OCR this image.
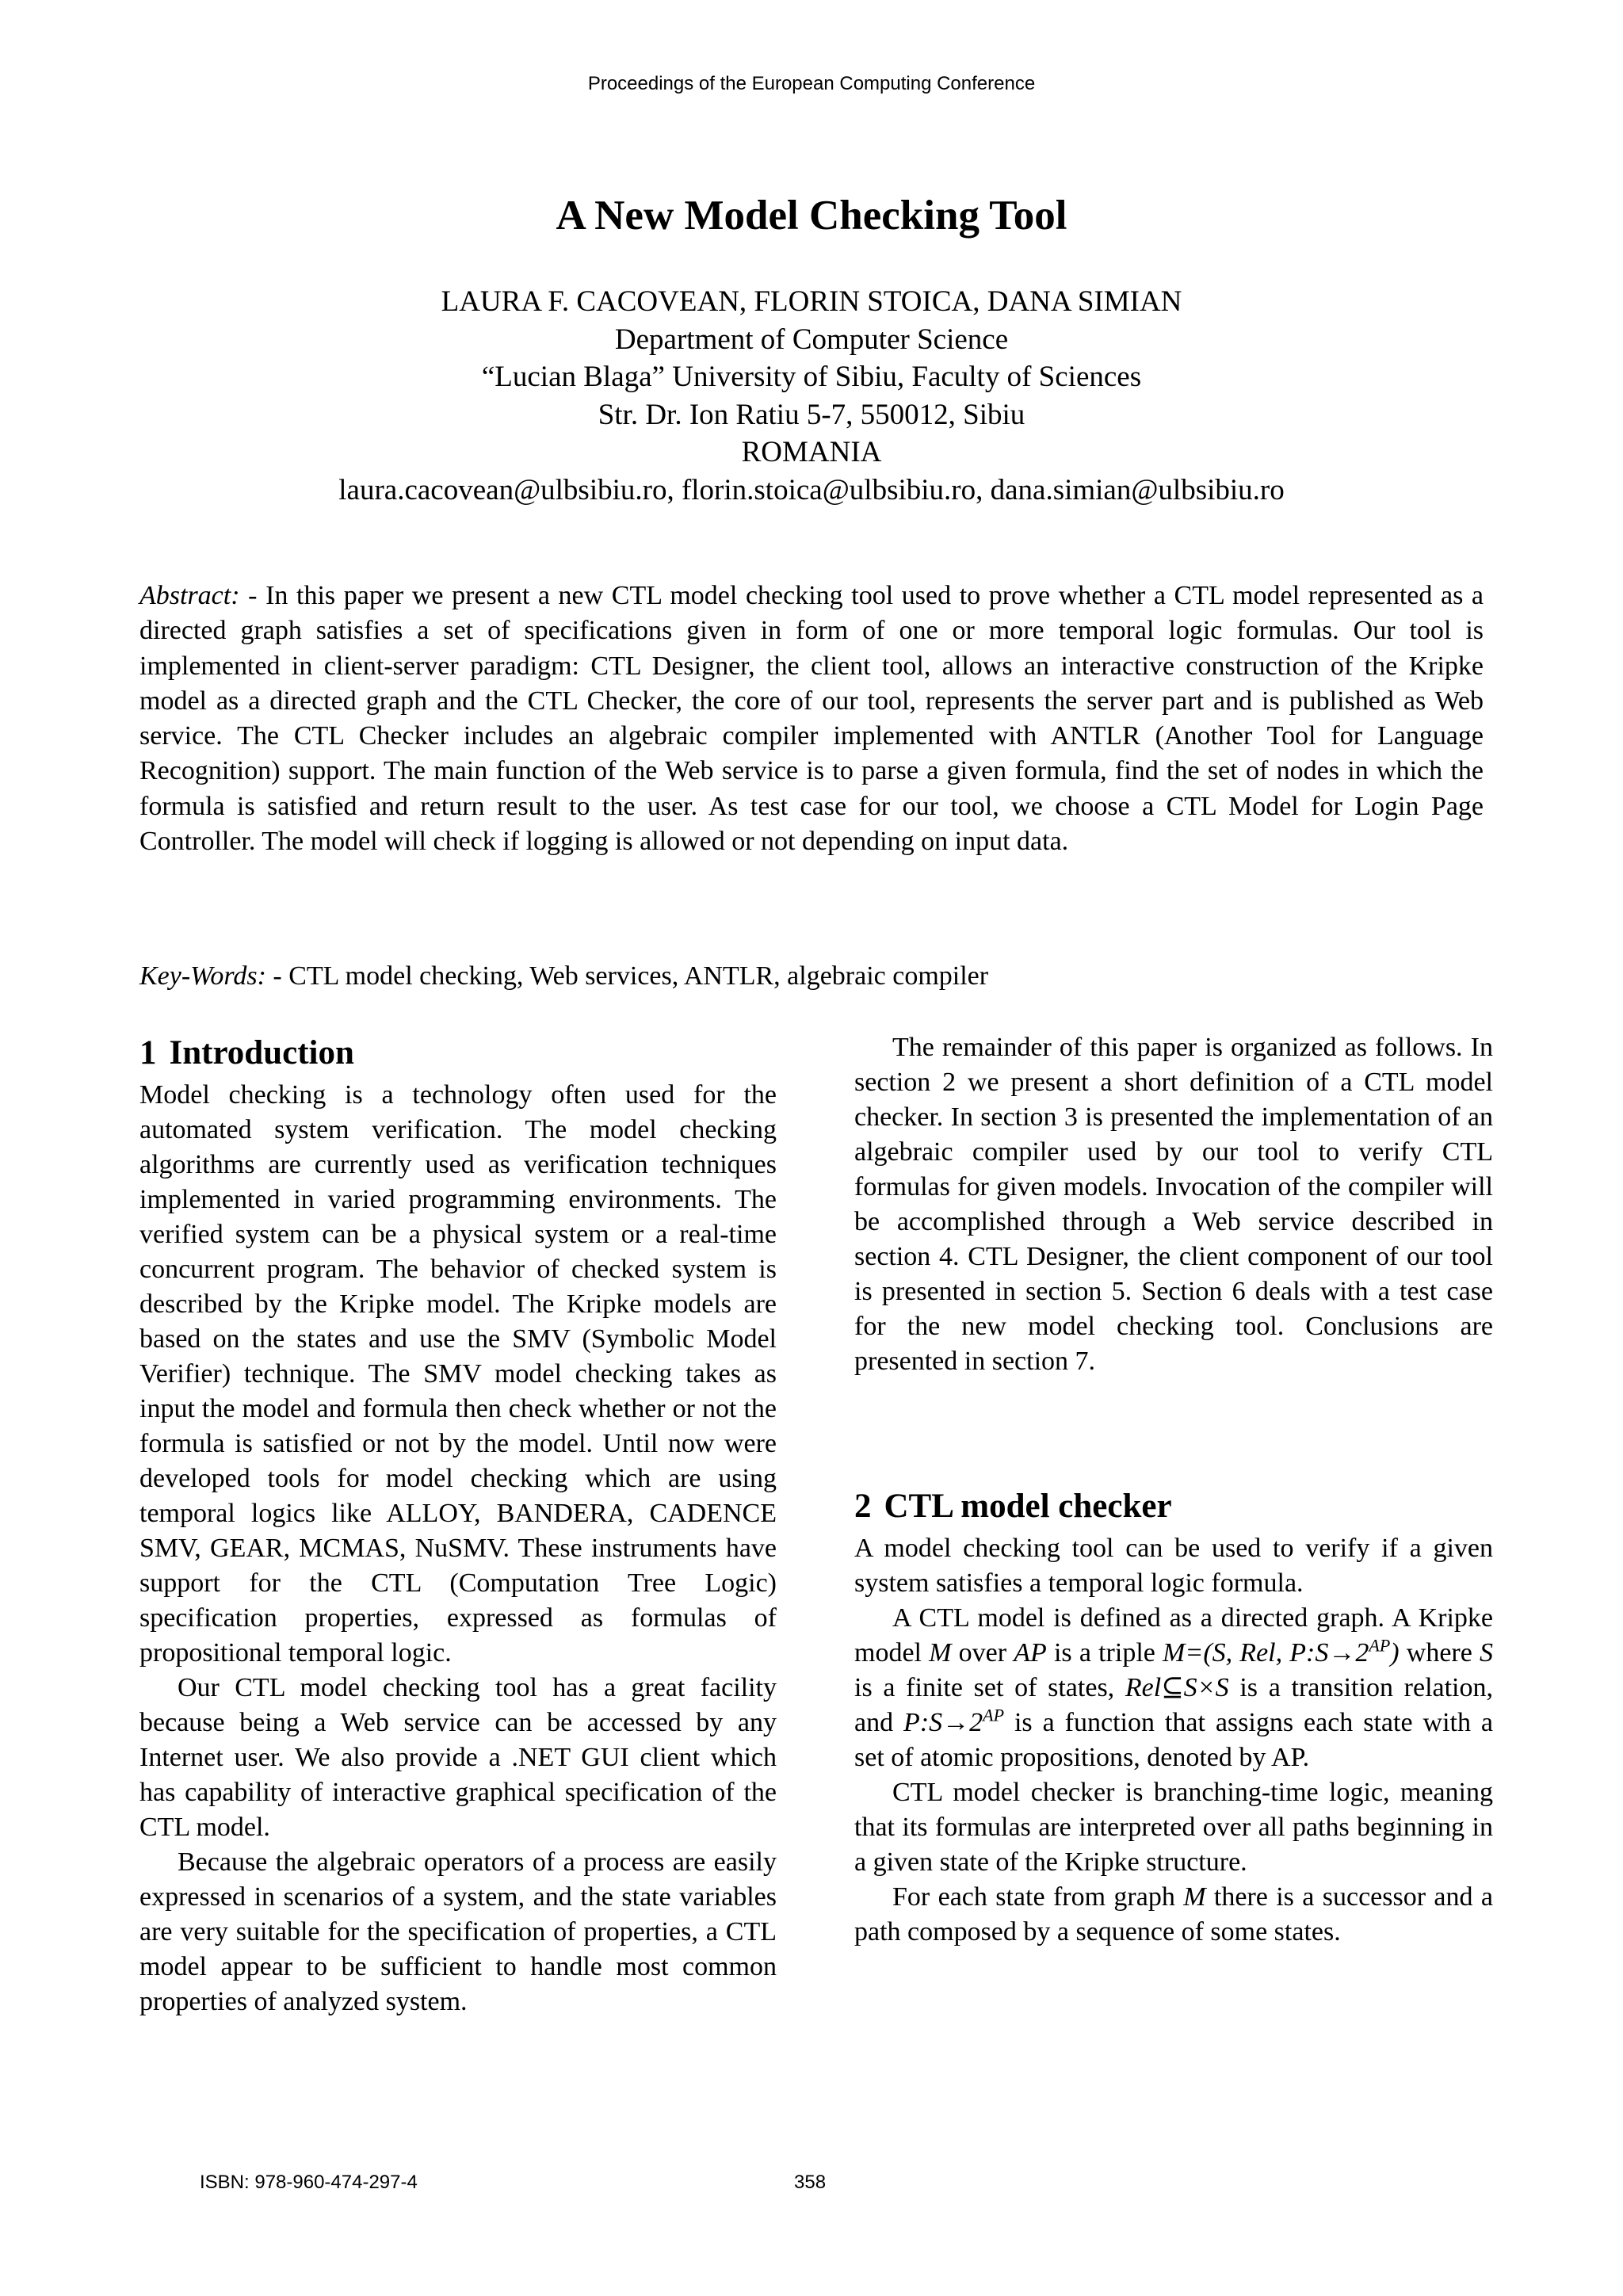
Proceedings of the European Computing Conference
A New Model Checking Tool
LAURA F. CACOVEAN, FLORIN STOICA, DANA SIMIAN
Department of Computer Science
“Lucian Blaga” University of Sibiu, Faculty of Sciences
Str. Dr. Ion Ratiu 5-7, 550012, Sibiu
ROMANIA
laura.cacovean@ulbsibiu.ro, florin.stoica@ulbsibiu.ro, dana.simian@ulbsibiu.ro
Abstract: - In this paper we present a new CTL model checking tool used to prove whether a CTL model represented as a directed graph satisfies a set of specifications given in form of one or more temporal logic formulas. Our tool is implemented in client-server paradigm: CTL Designer, the client tool, allows an interactive construction of the Kripke model as a directed graph and the CTL Checker, the core of our tool, represents the server part and is published as Web service. The CTL Checker includes an algebraic compiler implemented with ANTLR (Another Tool for Language Recognition) support. The main function of the Web service is to parse a given formula, find the set of nodes in which the formula is satisfied and return result to the user. As test case for our tool, we choose a CTL Model for Login Page Controller. The model will check if logging is allowed or not depending on input data.
Key-Words: - CTL model checking, Web services, ANTLR, algebraic compiler
1 Introduction

Model checking is a technology often used for the automated system verification. The model checking algorithms are currently used as verification techniques implemented in varied programming environments. The verified system can be a physical system or a real-time concurrent program. The behavior of checked system is described by the Kripke model. The Kripke models are based on the states and use the SMV (Symbolic Model Verifier) technique. The SMV model checking takes as input the model and formula then check whether or not the formula is satisfied or not by the model. Until now were developed tools for model checking which are using temporal logics like ALLOY, BANDERA, CADENCE SMV, GEAR, MCMAS, NuSMV. These instruments have support for the CTL (Computation Tree Logic) specification properties, expressed as formulas of propositional temporal logic.

Our CTL model checking tool has a great facility because being a Web service can be accessed by any Internet user. We also provide a .NET GUI client which has capability of interactive graphical specification of the CTL model.

Because the algebraic operators of a process are easily expressed in scenarios of a system, and the state variables are very suitable for the specification of properties, a CTL model appear to be sufficient to handle most common properties of analyzed system.

The remainder of this paper is organized as follows. In section 2 we present a short definition of a CTL model checker. In section 3 is presented the implementation of an algebraic compiler used by our tool to verify CTL formulas for given models. Invocation of the compiler will be accomplished through a Web service described in section 4. CTL Designer, the client component of our tool is presented in section 5. Section 6 deals with a test case for the new model checking tool. Conclusions are presented in section 7.

2 CTL model checker

A model checking tool can be used to verify if a given system satisfies a temporal logic formula.

A CTL model is defined as a directed graph. A Kripke model M over AP is a triple M=(S, Rel, $P:S\to 2^{AP}$) where S is a finite set of states, Rel⊆S×S is a transition relation, and $P:S\to 2^{AP}$ is a function that assigns each state with a set of atomic propositions, denoted by AP.

CTL model checker is branching-time logic, meaning that its formulas are interpreted over all paths beginning in a given state of the Kripke structure.

For each state from graph M there is a successor and a path composed by a sequence of some states.

ISBN: 978-960-474-297-4	358
